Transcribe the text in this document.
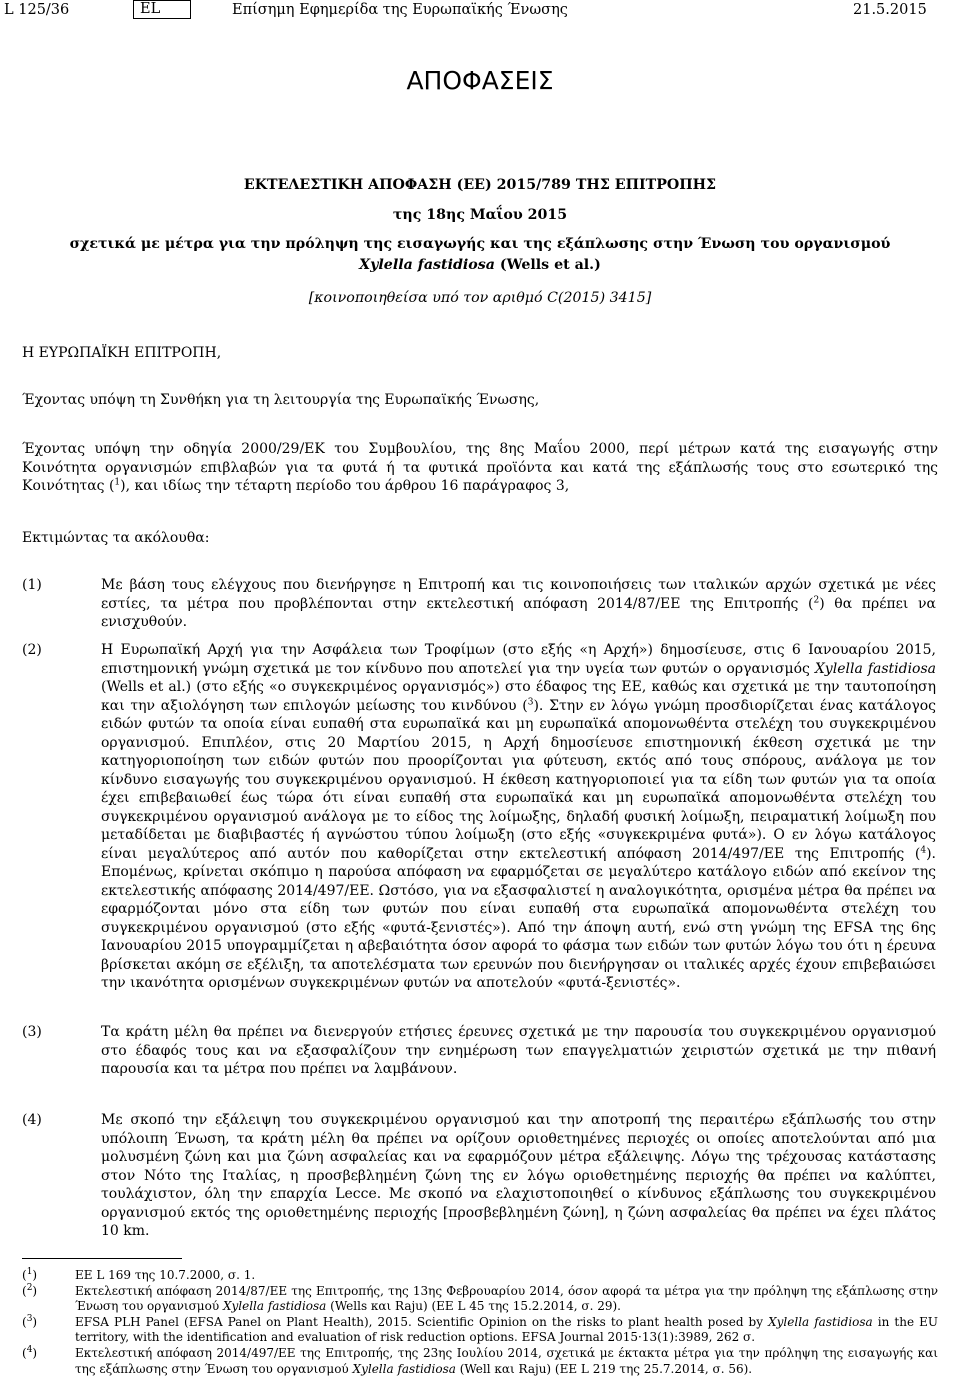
L 125/36	EL	Επίσημη Εφημερίδα της Ευρωπαϊκής Ένωσης	21.5.2015
ΑΠΟΦΑΣΕΙΣ
ΕΚΤΕΛΕΣΤΙΚΗ ΑΠΟΦΑΣΗ (ΕΕ) 2015/789 ΤΗΣ ΕΠΙΤΡΟΠΗΣ
της 18ης Μαΐου 2015
σχετικά με μέτρα για την πρόληψη της εισαγωγής και της εξάπλωσης στην Ένωση του οργανισμού
Xylella fastidiosa (Wells et al.)
[κοινοποιηθείσα υπό τον αριθμό C(2015) 3415]
Η ΕΥΡΩΠΑΪΚΗ ΕΠΙΤΡΟΠΗ,
Έχοντας υπόψη τη Συνθήκη για τη λειτουργία της Ευρωπαϊκής Ένωσης,
Έχοντας υπόψη την οδηγία 2000/29/ΕΚ του Συμβουλίου, της 8ης Μαΐου 2000, περί μέτρων κατά της εισαγωγής στην Κοινότητα οργανισμών επιβλαβών για τα φυτά ή τα φυτικά προϊόντα και κατά της εξάπλωσής τους στο εσωτερικό της Κοινότητας ($^1$), και ιδίως την τέταρτη περίοδο του άρθρου 16 παράγραφος 3,
Εκτιμώντας τα ακόλουθα:
(1)	Με βάση τους ελέγχους που διενήργησε η Επιτροπή και τις κοινοποιήσεις των ιταλικών αρχών σχετικά με νέες εστίες, τα μέτρα που προβλέπονται στην εκτελεστική απόφαση 2014/87/ΕΕ της Επιτροπής ($^2$) θα πρέπει να ενισχυθούν.
(2)	Η Ευρωπαϊκή Αρχή για την Ασφάλεια των Τροφίμων (στο εξής «η Αρχή») δημοσίευσε, στις 6 Ιανουαρίου 2015, επιστημονική γνώμη σχετικά με τον κίνδυνο που αποτελεί για την υγεία των φυτών ο οργανισμός Xylella fastidiosa (Wells et al.) (στο εξής «ο συγκεκριμένος οργανισμός») στο έδαφος της ΕΕ, καθώς και σχετικά με την ταυτοποίηση και την αξιολόγηση των επιλογών μείωσης του κινδύνου ($^3$). Στην εν λόγω γνώμη προσδιορίζεται ένας κατάλογος ειδών φυτών τα οποία είναι ευπαθή στα ευρωπαϊκά και μη ευρωπαϊκά απομονωθέντα στελέχη του συγκεκριμένου οργανισμού. Επιπλέον, στις 20 Μαρτίου 2015, η Αρχή δημοσίευσε επιστημονική έκθεση σχετικά με την κατηγοριοποίηση των ειδών φυτών που προορίζονται για φύτευση, εκτός από τους σπόρους, ανάλογα με τον κίνδυνο εισαγωγής του συγκεκριμένου οργανισμού. Η έκθεση κατηγοριοποιεί για τα είδη των φυτών για τα οποία έχει επιβεβαιωθεί έως τώρα ότι είναι ευπαθή στα ευρωπαϊκά και μη ευρωπαϊκά απομονωθέντα στελέχη του συγκεκριμένου οργανισμού ανάλογα με το είδος της λοίμωξης, δηλαδή φυσική λοίμωξη, πειραματική λοίμωξη που μεταδίδεται με διαβιβαστές ή αγνώστου τύπου λοίμωξη (στο εξής «συγκεκριμένα φυτά»). Ο εν λόγω κατάλογος είναι μεγαλύτερος από αυτόν που καθορίζεται στην εκτελεστική απόφαση 2014/497/ΕΕ της Επιτροπής ($^4$). Επομένως, κρίνεται σκόπιμο η παρούσα απόφαση να εφαρμόζεται σε μεγαλύτερο κατάλογο ειδών από εκείνον της εκτελεστικής απόφασης 2014/497/ΕΕ. Ωστόσο, για να εξασφαλιστεί η αναλογικότητα, ορισμένα μέτρα θα πρέπει να εφαρμόζονται μόνο στα είδη των φυτών που είναι ευπαθή στα ευρωπαϊκά απομονωθέντα στελέχη του συγκεκριμένου οργανισμού (στο εξής «φυτά-ξενιστές»). Από την άποψη αυτή, ενώ στη γνώμη της EFSA της 6ης Ιανουαρίου 2015 υπογραμμίζεται η αβεβαιότητα όσον αφορά το φάσμα των ειδών των φυτών λόγω του ότι η έρευνα βρίσκεται ακόμη σε εξέλιξη, τα αποτελέσματα των ερευνών που διενήργησαν οι ιταλικές αρχές έχουν επιβεβαιώσει την ικανότητα ορισμένων συγκεκριμένων φυτών να αποτελούν «φυτά-ξενιστές».
(3)	Τα κράτη μέλη θα πρέπει να διενεργούν ετήσιες έρευνες σχετικά με την παρουσία του συγκεκριμένου οργανισμού στο έδαφός τους και να εξασφαλίζουν την ενημέρωση των επαγγελματιών χειριστών σχετικά με την πιθανή παρουσία και τα μέτρα που πρέπει να λαμβάνουν.
(4)	Με σκοπό την εξάλειψη του συγκεκριμένου οργανισμού και την αποτροπή της περαιτέρω εξάπλωσής του στην υπόλοιπη Ένωση, τα κράτη μέλη θα πρέπει να ορίζουν οριοθετημένες περιοχές οι οποίες αποτελούνται από μια μολυσμένη ζώνη και μια ζώνη ασφαλείας και να εφαρμόζουν μέτρα εξάλειψης. Λόγω της τρέχουσας κατάστασης στον Νότο της Ιταλίας, η προσβεβλημένη ζώνη της εν λόγω οριοθετημένης περιοχής θα πρέπει να καλύπτει, τουλάχιστον, όλη την επαρχία Lecce. Με σκοπό να ελαχιστοποιηθεί ο κίνδυνος εξάπλωσης του συγκεκριμένου οργανισμού εκτός της οριοθετημένης περιοχής [προσβεβλημένη ζώνη], η ζώνη ασφαλείας θα πρέπει να έχει πλάτος 10 km.
($^1$)	ΕΕ L 169 της 10.7.2000, σ. 1.
($^2$)	Εκτελεστική απόφαση 2014/87/ΕΕ της Επιτροπής, της 13ης Φεβρουαρίου 2014, όσον αφορά τα μέτρα για την πρόληψη της εξάπλωσης στην Ένωση του οργανισμού Xylella fastidiosa (Wells και Raju) (ΕΕ L 45 της 15.2.2014, σ. 29).
($^3$)	EFSA PLH Panel (EFSA Panel on Plant Health), 2015. Scientific Opinion on the risks to plant health posed by Xylella fastidiosa in the EU territory, with the identification and evaluation of risk reduction options. EFSA Journal 2015·13(1):3989, 262 σ.
($^4$)	Εκτελεστική απόφαση 2014/497/ΕΕ της Επιτροπής, της 23ης Ιουλίου 2014, σχετικά με έκτακτα μέτρα για την πρόληψη της εισαγωγής και της εξάπλωσης στην Ένωση του οργανισμού Xylella fastidiosa (Well και Raju) (ΕΕ L 219 της 25.7.2014, σ. 56).
